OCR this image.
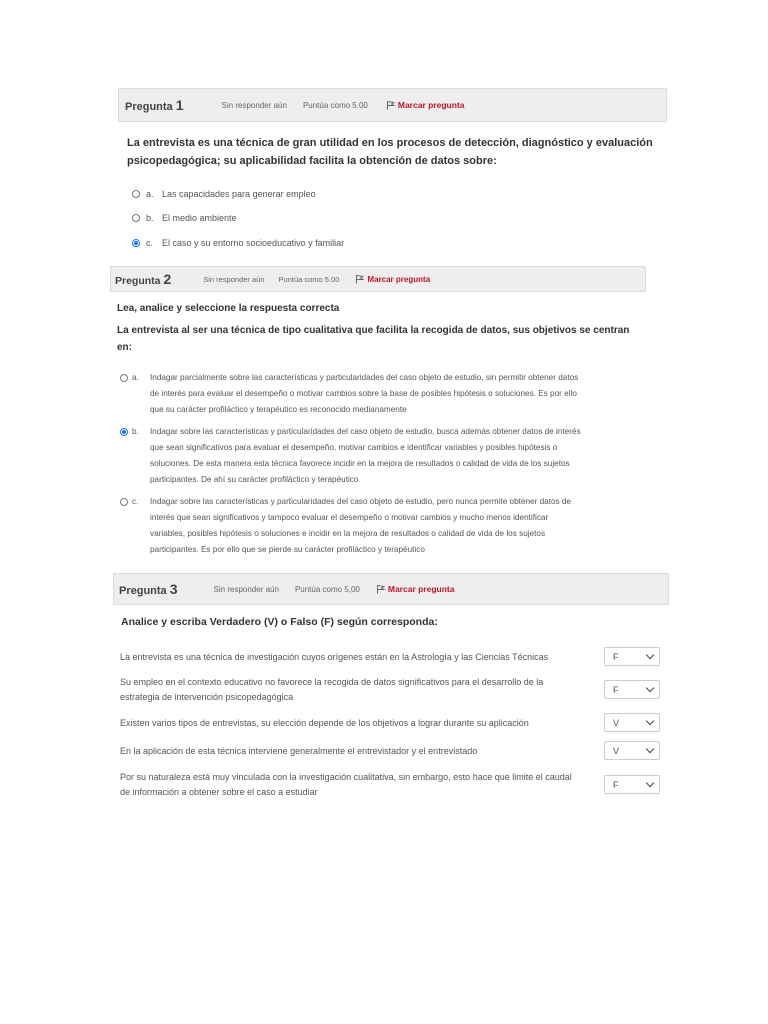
Pregunta 1	Sin responder aún Puntúa como 5.00	Marcar pregunta
La entrevista es una técnica de gran utilidad en los procesos de detección, diagnóstico y evaluación
psicopedagógica; su aplicabilidad facilita la obtención de datos sobre:
a. Las capacidades para generar empleo
b. El medio ambiente
c. El caso y su entorno socioeducativo y familiar
Pregunta 2	Sin responder aún Puntúa como 5.00	Marcar pregunta
Lea, analice y seleccione la respuesta correcta
La entrevista al ser una técnica de tipo cualitativa que facilita la recogida de datos, sus objetivos se centran
en:
a.	Indagar parcialmente sobre las características y particularidades del caso objeto de estudio, sin permitir obtener datos
de interés para evaluar el desempeño o motivar cambios sobre la base de posibles hipótesis o soluciones. Es por ello
que su carácter profiláctico y terapéutico es reconocido medianamente
b.	Indagar sobre las características y particularidades del caso objeto de estudio, busca además obtener datos de interés
que sean significativos para evaluar el desempeño, motivar cambios e identificar variables y posibles hipótesis o
soluciones. De esta manera esta técnica favorece incidir en la mejora de resultados o calidad de vida de los sujetos
participantes. De ahí su carácter profiláctico y terapéutico
c.	Indagar sobre las características y particularidades del caso objeto de estudio, pero nunca permite obtener datos de
interés que sean significativos y tampoco evaluar el desempeño o motivar cambios y mucho menos identificar
variables, posibles hipótesis o soluciones e incidir en la mejora de resultados o calidad de vida de los sujetos
participantes. Es por ello que se pierde su carácter profiláctico y terapéutico
Pregunta 3	Sin responder aún Puntúa como 5,00	Marcar pregunta
Analice y escriba Verdadero (V) o Falso (F) según corresponda:
La entrevista es una técnica de investigación cuyos orígenes están en la Astrología y las Ciencias Técnicas	F
Su empleo en el contexto educativo no favorece la recogida de datos significativos para el desarrollo de la
estrategia de intervención psicopedagógica
F
Existen varios tipos de entrevistas, su elección depende de los objetivos a lograr durante su aplicación	V
En la aplicación de esta técnica interviene generalmente el entrevistador y el entrevistado	V
Por su naturaleza está muy vinculada con la investigación cualitativa, sin embargo, esto hace que limite el caudal
de información a obtener sobre el caso a estudiar
F
